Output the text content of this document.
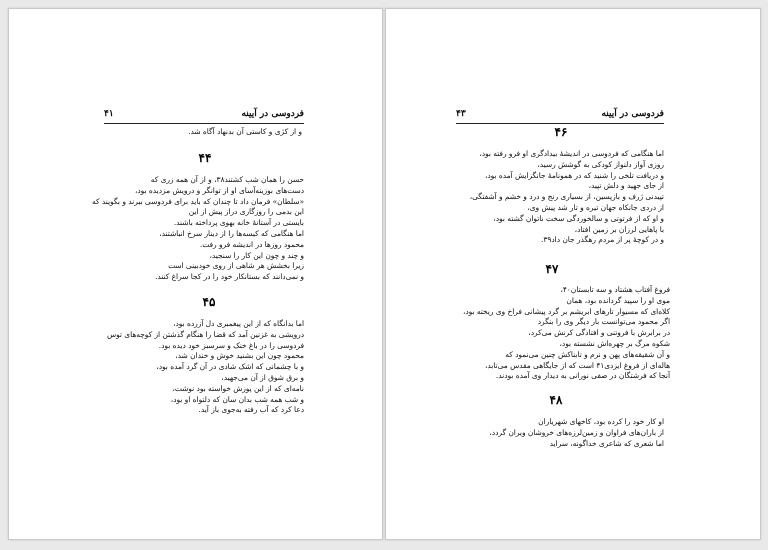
فردوسی در آیینه
۴۱

و از کژی و کاستی آن بدنهاد آگاه شد.

۴۴

حسن را همان شب کشتند۳۸، و از آن همه زری که

دست‌های بوزینه‌آسای او از توانگر و درویش مزدیده بود،

«سلطان» فرمان داد تا چندان که باید برای فردوسی ببرند و بگویند که

این بدمی را روزگاری دراز پیش از این

بایستی در آستانهٔ خانه بهوی پرداخته باشند.

اما هنگامی که کیسه‌ها را از دینار سرخ انباشتند،

محمود روزها در اندیشه فرو رفت.

و چند و چون این کار را سنجید،

زیرا بخشش هر شاهی از روی خودبینی است

و نمی‌دانند که بستانکار خود را در کجا سراغ کنند.

۴۵

اما بدانگاه که از این پیغمبری دل آزرده بود،

درویشی به غزنین آمد که قضا را هنگام گذشتن از کوچه‌های توس

فردوسی را در باغ خنک و سرسبز خود دیده بود.

محمود چون این بشنید خوش و خندان شد،

و با چشمانی که اشک شادی در آن گرد آمده بود،

و برق شوق از آن می‌جهید،

نامه‌ای که از این پوزش خواسته بود نوشت،

و شب همه شب بدان سان که دلتواه او بود،

دعا کرد که آب رفته به‌جوی باز آید.

فردوسی در آیینه
۴۳
۴۶

اما هنگامی که فردوسی در اندیشهٔ بیدادگری او فرو رفته بود،

روزی آواز دلنواز کودکی به گوشش رسید،

و دریافت تلخی را شنید که در همونامهٔ جانگزایش آمده بود،

از جای جهید و دلش تپید،

تپیدنی ژرف و بازپسین، از بسیاری رنج و درد و خشم و آشفتگی،

از دردی جانکاه جهان تیره و تار شد پیش وی،

و او که از فرتوتی و سالخوردگی سخت ناتوان گشته بود،

با پاهایی لرزان بر زمین افتاد،

و در کوچهٔ پر از مردم رهگذر جان داد۳۹.

۴۷

فروغ آفتاب هشتاد و سه تابستان۴۰،

موی او را سپید گردانده بود، همان

کلاه‌ای که مسیوار تارهای ابریشم بر گرد پیشانی فراخ وی ریخته بود،

اگر محمود می‌توانست بار دیگر وی را بنگرد

در برابرش با فروتنی و افتادگی کرنش می‌کرد،

شکوه مرگ بر چهره‌اش نشسته بود،

و آن شقیقه‌های پهن و نرم و تابناکش چنین می‌نمود که

هاله‌ای از فروغ ایزدی۴۱ است که از جایگاهی مقدس می‌تابد،

آنجا که فرشتگان در صفی نورانی به دیدار وی آمده بودند.

۴۸

او کار خود را کرده بود، کاخهای شهریاران

از باران‌های فراوان و زمین‌لرزه‌های خروشان ویران گردد،

اما شعری که شاعری خداگونه، سراید
